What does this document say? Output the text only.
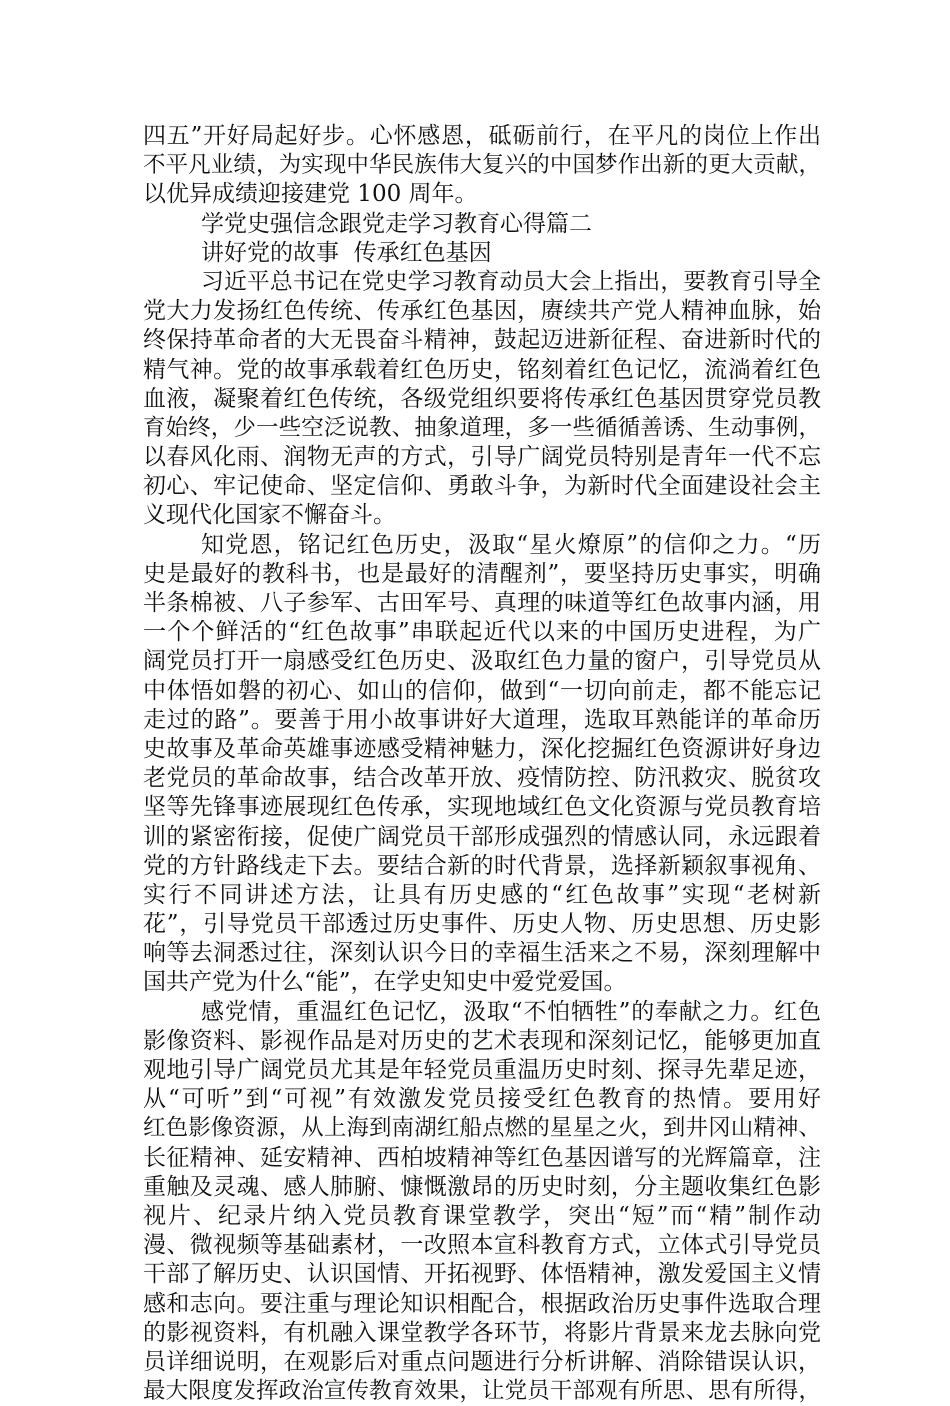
四五”开好局起好步。心怀感恩，砥砺前行，在平凡的岗位上作出
不平凡业绩，为实现中华民族伟大复兴的中国梦作出新的更大贡献，
以优异成绩迎接建党 100 周年。
学党史强信念跟党走学习教育心得篇二
讲好党的故事  传承红色基因
习近平总书记在党史学习教育动员大会上指出，要教育引导全
党大力发扬红色传统、传承红色基因，赓续共产党人精神血脉，始
终保持革命者的大无畏奋斗精神，鼓起迈进新征程、奋进新时代的
精气神。党的故事承载着红色历史，铭刻着红色记忆，流淌着红色
血液，凝聚着红色传统，各级党组织要将传承红色基因贯穿党员教
育始终，少一些空泛说教、抽象道理，多一些循循善诱、生动事例，
以春风化雨、润物无声的方式，引导广阔党员特别是青年一代不忘
初心、牢记使命、坚定信仰、勇敢斗争，为新时代全面建设社会主
义现代化国家不懈奋斗。
知党恩，铭记红色历史，汲取“星火燎原”的信仰之力。“历
史是最好的教科书，也是最好的清醒剂”，要坚持历史事实，明确
半条棉被、八子参军、古田军号、真理的味道等红色故事内涵，用
一个个鲜活的“红色故事”串联起近代以来的中国历史进程，为广
阔党员打开一扇感受红色历史、汲取红色力量的窗户，引导党员从
中体悟如磐的初心、如山的信仰，做到“一切向前走，都不能忘记
走过的路”。要善于用小故事讲好大道理，选取耳熟能详的革命历
史故事及革命英雄事迹感受精神魅力，深化挖掘红色资源讲好身边
老党员的革命故事，结合改革开放、疫情防控、防汛救灾、脱贫攻
坚等先锋事迹展现红色传承，实现地域红色文化资源与党员教育培
训的紧密衔接，促使广阔党员干部形成强烈的情感认同，永远跟着
党的方针路线走下去。要结合新的时代背景，选择新颖叙事视角、
实行不同讲述方法，让具有历史感的“红色故事”实现“老树新
花”，引导党员干部透过历史事件、历史人物、历史思想、历史影
响等去洞悉过往，深刻认识今日的幸福生活来之不易，深刻理解中
国共产党为什么“能”，在学史知史中爱党爱国。
感党情，重温红色记忆，汲取“不怕牺牲”的奉献之力。红色
影像资料、影视作品是对历史的艺术表现和深刻记忆，能够更加直
观地引导广阔党员尤其是年轻党员重温历史时刻、探寻先辈足迹，
从“可听”到“可视”有效激发党员接受红色教育的热情。要用好
红色影像资源，从上海到南湖红船点燃的星星之火，到井冈山精神、
长征精神、延安精神、西柏坡精神等红色基因谱写的光辉篇章，注
重触及灵魂、感人肺腑、慷慨激昂的历史时刻，分主题收集红色影
视片、纪录片纳入党员教育课堂教学，突出“短”而“精”制作动
漫、微视频等基础素材，一改照本宣科教育方式，立体式引导党员
干部了解历史、认识国情、开拓视野、体悟精神，激发爱国主义情
感和志向。要注重与理论知识相配合，根据政治历史事件选取合理
的影视资料，有机融入课堂教学各环节，将影片背景来龙去脉向党
员详细说明，在观影后对重点问题进行分析讲解、消除错误认识，
最大限度发挥政治宣传教育效果，让党员干部观有所思、思有所得，
